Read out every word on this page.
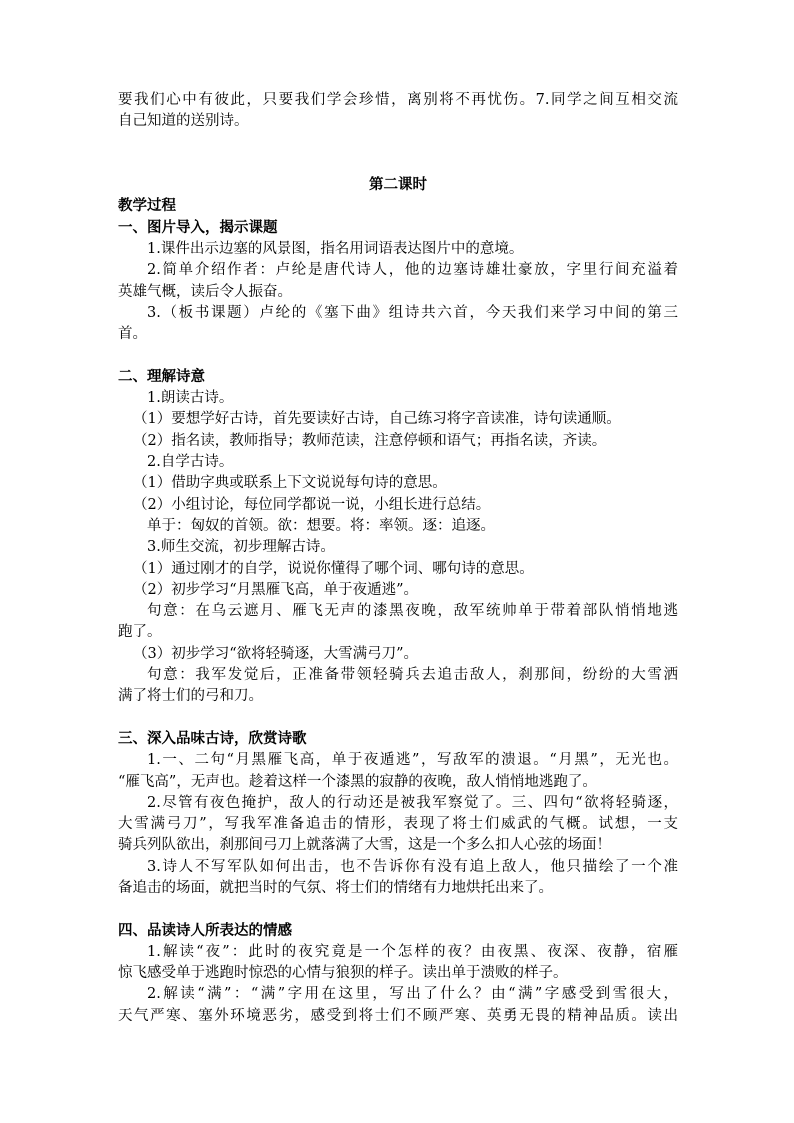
要我们心中有彼此，只要我们学会珍惜，离别将不再忧伤。7.同学之间互相交流
自己知道的送别诗。
第二课时
教学过程
一、图片导入，揭示课题
1.课件出示边塞的风景图，指名用词语表达图片中的意境。
2.简单介绍作者：卢纶是唐代诗人，他的边塞诗雄壮豪放，字里行间充溢着
英雄气概，读后令人振奋。
3.（板书课题）卢纶的《塞下曲》组诗共六首，今天我们来学习中间的第三
首。
二、理解诗意
1.朗读古诗。
（1）要想学好古诗，首先要读好古诗，自己练习将字音读准，诗句读通顺。
（2）指名读，教师指导；教师范读，注意停顿和语气；再指名读，齐读。
2.自学古诗。
（1）借助字典或联系上下文说说每句诗的意思。
（2）小组讨论，每位同学都说一说，小组长进行总结。
单于：匈奴的首领。欲：想要。将：率领。逐：追逐。
3.师生交流，初步理解古诗。
（1）通过刚才的自学，说说你懂得了哪个词、哪句诗的意思。
（2）初步学习“月黑雁飞高，单于夜遁逃”。
句意：在乌云遮月、雁飞无声的漆黑夜晚，敌军统帅单于带着部队悄悄地逃
跑了。
（3）初步学习“欲将轻骑逐，大雪满弓刀”。
句意：我军发觉后，正准备带领轻骑兵去追击敌人，刹那间，纷纷的大雪洒
满了将士们的弓和刀。
三、深入品味古诗，欣赏诗歌
1.一、二句“月黑雁飞高，单于夜遁逃”，写敌军的溃退。“月黑”，无光也。
“雁飞高”，无声也。趁着这样一个漆黑的寂静的夜晚，敌人悄悄地逃跑了。
2.尽管有夜色掩护，敌人的行动还是被我军察觉了。三、四句“欲将轻骑逐，
大雪满弓刀”，写我军准备追击的情形，表现了将士们威武的气概。试想，一支
骑兵列队欲出，刹那间弓刀上就落满了大雪，这是一个多么扣人心弦的场面！
3.诗人不写军队如何出击，也不告诉你有没有追上敌人，他只描绘了一个准
备追击的场面，就把当时的气氛、将士们的情绪有力地烘托出来了。
四、品读诗人所表达的情感
1.解读“夜”：此时的夜究竟是一个怎样的夜？由夜黑、夜深、夜静，宿雁
惊飞感受单于逃跑时惊恐的心情与狼狈的样子。读出单于溃败的样子。
2.解读“满”：“满”字用在这里，写出了什么？由“满”字感受到雪很大，
天气严寒、塞外环境恶劣，感受到将士们不顾严寒、英勇无畏的精神品质。读出
